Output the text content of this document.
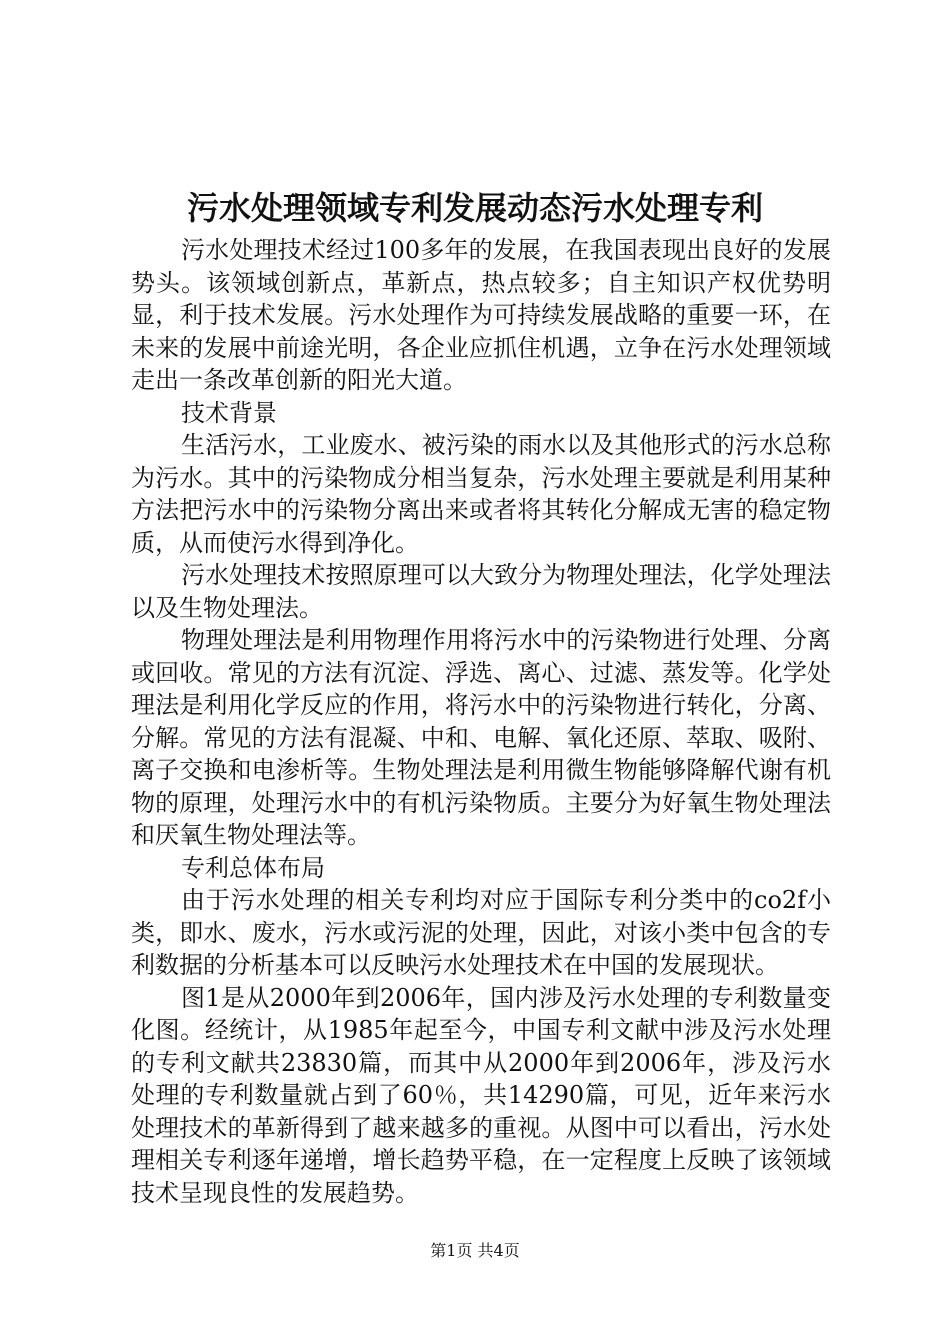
污水处理领域专利发展动态污水处理专利

污水处理技术经过100多年的发展，在我国表现出良好的发展势头。该领域创新点，革新点，热点较多；自主知识产权优势明显，利于技术发展。污水处理作为可持续发展战略的重要一环，在未来的发展中前途光明，各企业应抓住机遇，立争在污水处理领域走出一条改革创新的阳光大道。

技术背景

生活污水，工业废水、被污染的雨水以及其他形式的污水总称为污水。其中的污染物成分相当复杂，污水处理主要就是利用某种方法把污水中的污染物分离出来或者将其转化分解成无害的稳定物质，从而使污水得到净化。

污水处理技术按照原理可以大致分为物理处理法，化学处理法以及生物处理法。

物理处理法是利用物理作用将污水中的污染物进行处理、分离或回收。常见的方法有沉淀、浮选、离心、过滤、蒸发等。化学处理法是利用化学反应的作用，将污水中的污染物进行转化，分离、分解。常见的方法有混凝、中和、电解、氧化还原、萃取、吸附、离子交换和电渗析等。生物处理法是利用微生物能够降解代谢有机物的原理，处理污水中的有机污染物质。主要分为好氧生物处理法和厌氧生物处理法等。

专利总体布局

由于污水处理的相关专利均对应于国际专利分类中的co2f小类，即水、废水，污水或污泥的处理，因此，对该小类中包含的专利数据的分析基本可以反映污水处理技术在中国的发展现状。

图1是从2000年到2006年，国内涉及污水处理的专利数量变化图。经统计，从1985年起至今，中国专利文献中涉及污水处理的专利文献共23830篇，而其中从2000年到2006年，涉及污水处理的专利数量就占到了60％，共14290篇，可见，近年来污水处理技术的革新得到了越来越多的重视。从图中可以看出，污水处理相关专利逐年递增，增长趋势平稳，在一定程度上反映了该领域技术呈现良性的发展趋势。

第1页 共4页
